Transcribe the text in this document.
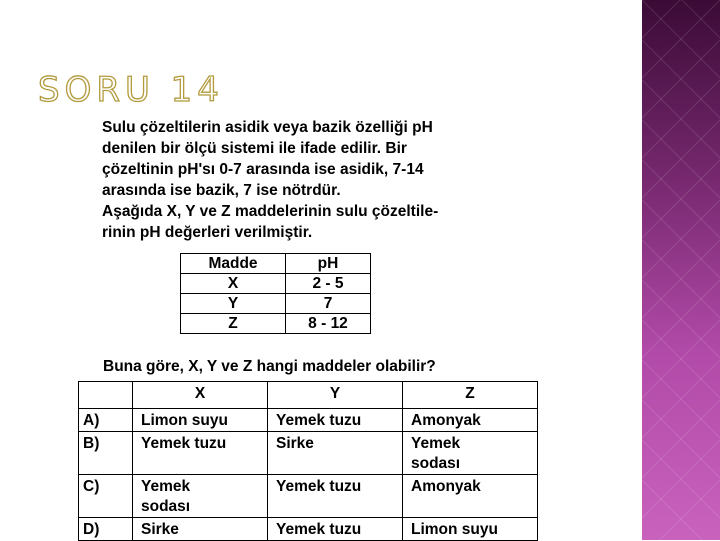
SORU 14

Sulu çözeltilerin asidik veya bazik özelliği pH

denilen bir ölçü sistemi ile ifade edilir. Bir

çözeltinin pH'sı 0-7 arasında ise asidik, 7-14

arasında ise bazik, 7 ise nötrdür.

Aşağıda X, Y ve Z maddelerinin sulu çözeltile-

rinin pH değerleri verilmiştir.

Madde	pH
X	2 - 5
Y	7
Z	8 - 12
Buna göre, X, Y ve Z hangi maddeler olabilir?
	X	Y	Z
A)	Limon suyu	Yemek tuzu	Amonyak
B)	Yemek tuzu	Sirke	Yemek
sodası
C)	Yemek
sodası	Yemek tuzu	Amonyak
D)	Sirke	Yemek tuzu	Limon suyu
